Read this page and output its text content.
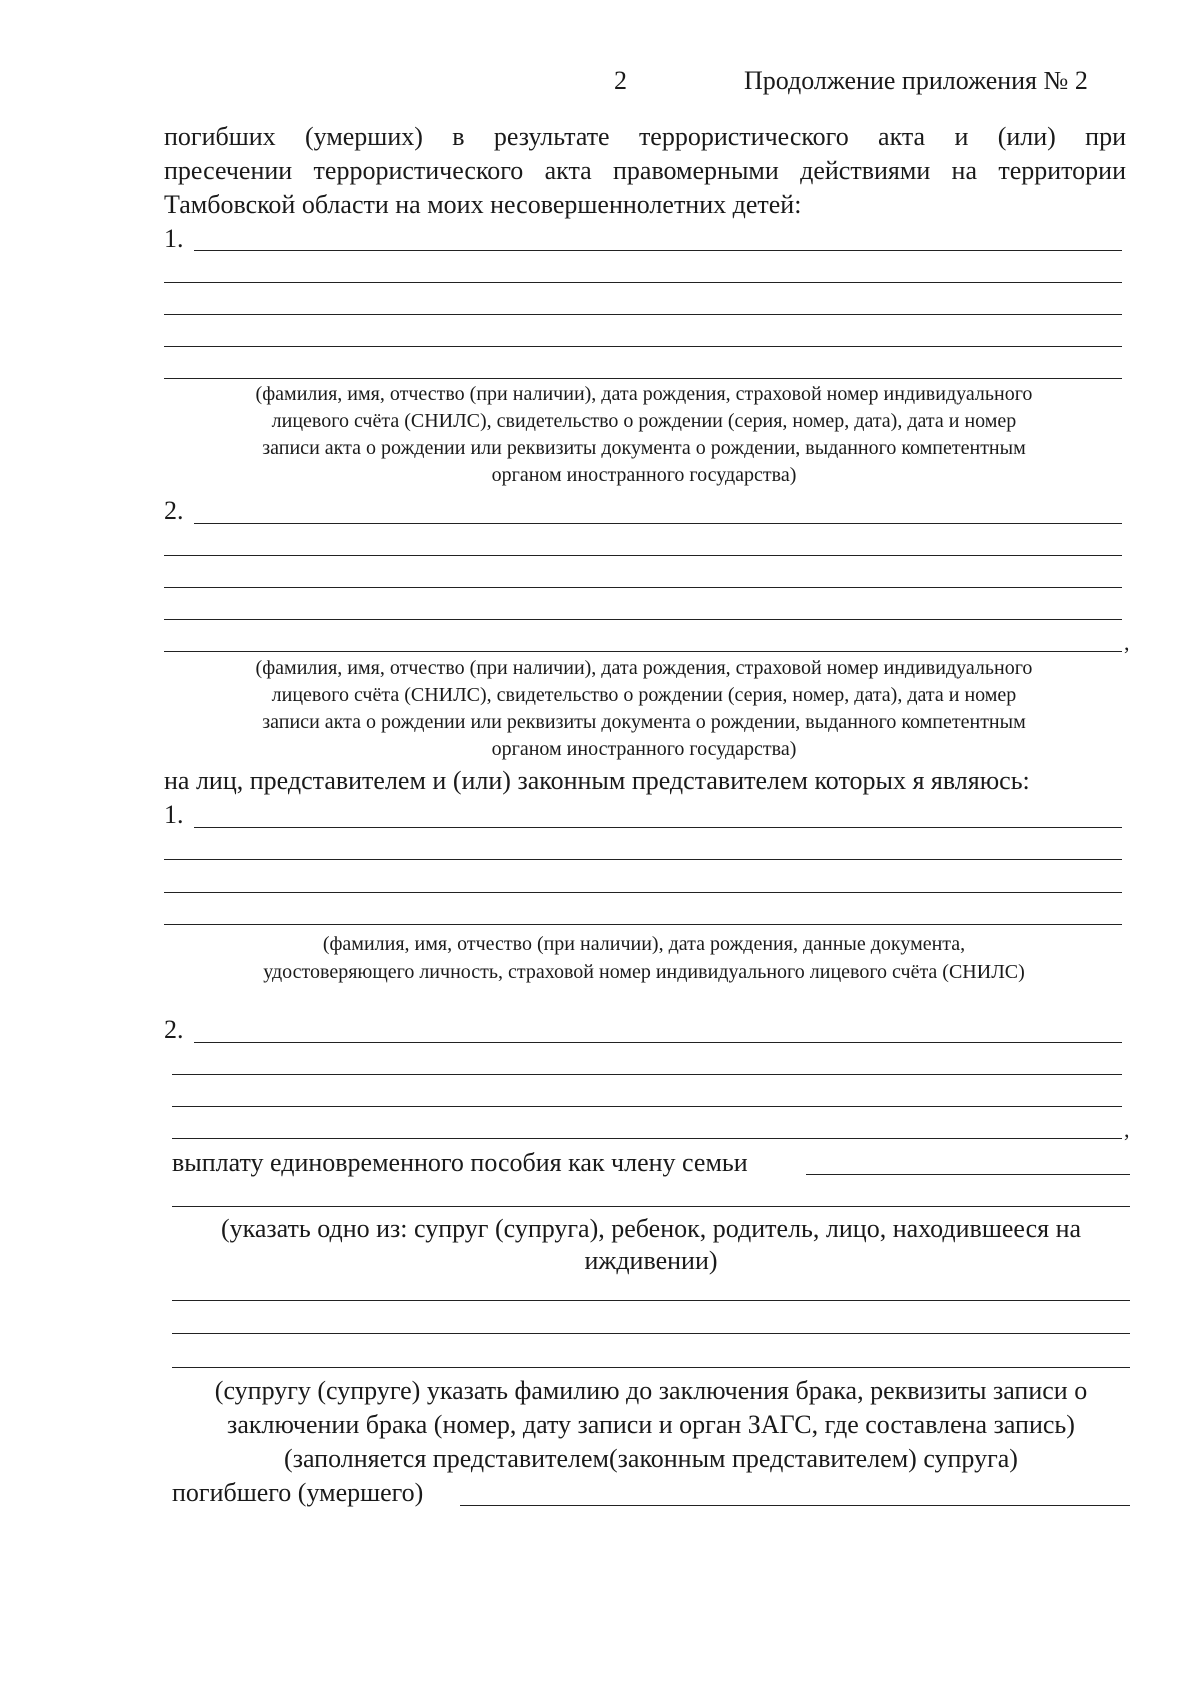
2	Продолжение приложения № 2
погибших (умерших) в результате террористического акта и (или) при
пресечении террористического акта правомерными действиями на территории
Тамбовской области на моих несовершеннолетних детей:
1.
(фамилия, имя, отчество (при наличии), дата рождения, страховой номер индивидуального
лицевого счёта (СНИЛС), свидетельство о рождении (серия, номер, дата), дата и номер
записи акта о рождении или реквизиты документа о рождении, выданного компетентным
органом иностранного государства)
2.
,
(фамилия, имя, отчество (при наличии), дата рождения, страховой номер индивидуального
лицевого счёта (СНИЛС), свидетельство о рождении (серия, номер, дата), дата и номер
записи акта о рождении или реквизиты документа о рождении, выданного компетентным
органом иностранного государства)
на лиц, представителем и (или) законным представителем которых я являюсь:
1.
(фамилия, имя, отчество (при наличии), дата рождения, данные документа,
удостоверяющего личность, страховой номер индивидуального лицевого счёта (СНИЛС)
2.
,
выплату единовременного пособия как члену семьи
(указать одно из: супруг (супруга), ребенок, родитель, лицо, находившееся на
иждивении)
(супругу (супруге) указать фамилию до заключения брака, реквизиты записи о
заключении брака (номер, дату записи и орган ЗАГС, где составлена запись)
(заполняется представителем(законным представителем) супруга)
погибшего (умершего)
